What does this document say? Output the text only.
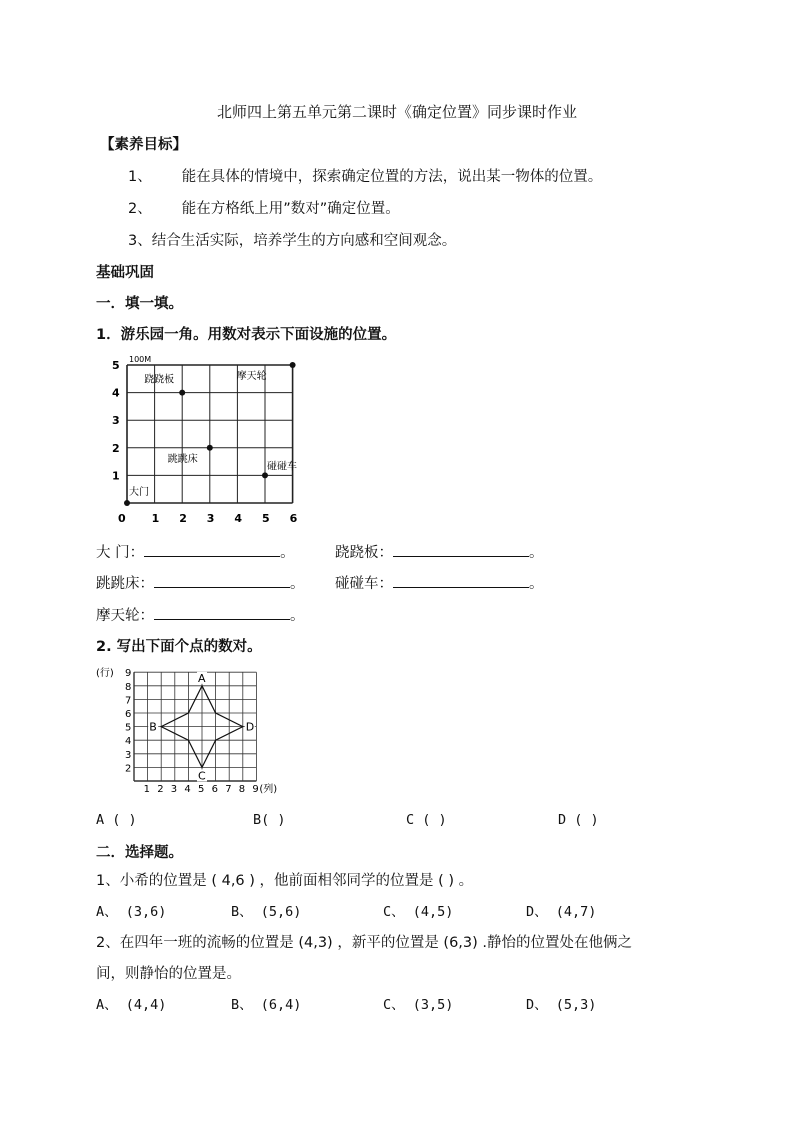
北师四上第五单元第二课时《确定位置》同步课时作业
【素养目标】
1、 能在具体的情境中，探索确定位置的方法，说出某一物体的位置。
2、 能在方格纸上用”数对”确定位置。
3、结合生活实际，培养学生的方向感和空间观念。
基础巩固
一．填一填。
1．游乐园一角。用数对表示下面设施的位置。
0 1 2 3 4 5 6
1
2
3
4
5 100M
大门
跷跷板	摩天轮
跳跳床
碰碰车
大 门：	。	跷跷板：	。
跳跳床：	。 碰碰车：	。
摩天轮：	。
2. 写出下面个点的数对。
1 2 3 4 5 6 7 8 9
2
3
4
5
6
7
8
9
(行)
(列)
A
B
C
D
A ( )	B( )	C ( )	D ( )
二．选择题。
1、小希的位置是 ( 4,6 ) ，他前面相邻同学的位置是 ( ) 。
A、 (3,6)	B、 (5,6)	C、 (4,5)	D、 (4,7)
2、在四年一班的流畅的位置是 (4,3) ，新平的位置是 (6,3) .静怡的位置处在他俩之
间，则静怡的位置是。
A、 (4,4)	B、 (6,4)	C、 (3,5)	D、 (5,3)
